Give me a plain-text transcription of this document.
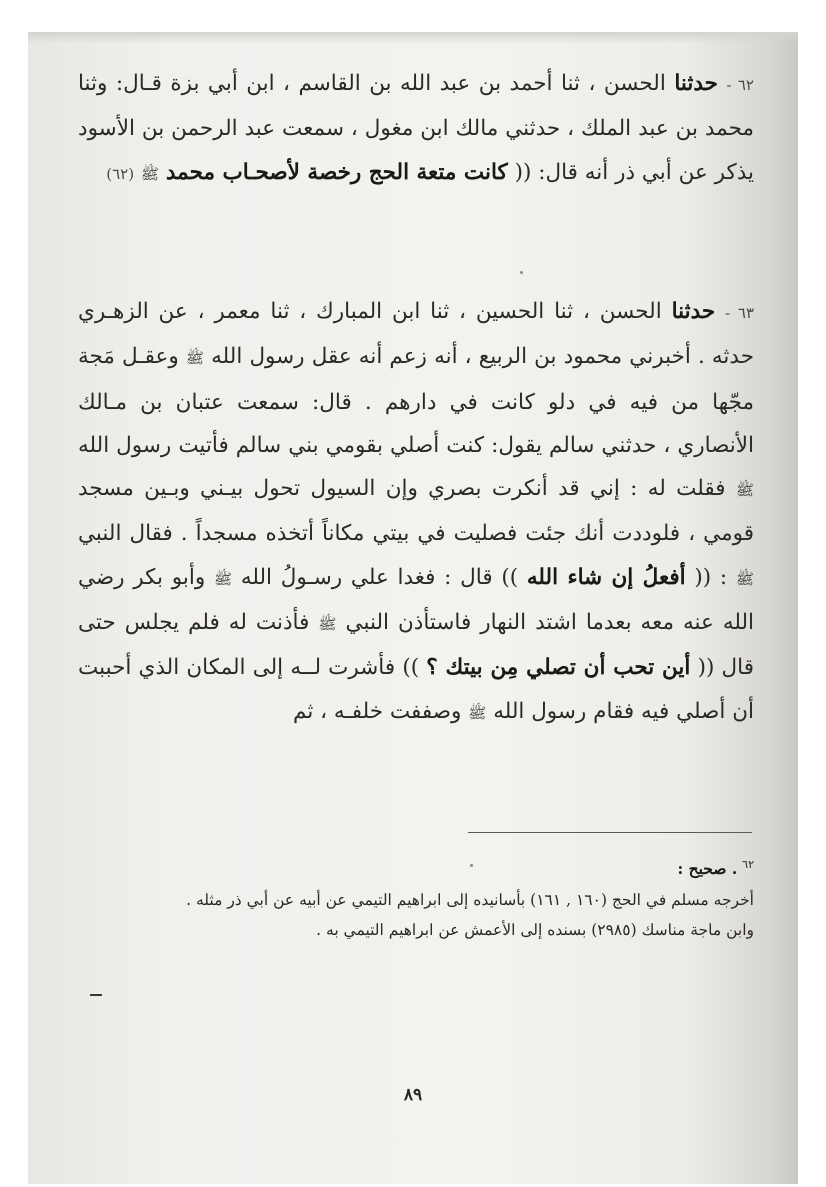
٦٢ - حدثنا الحسن ، ثنا أحمد بن عبد الله بن القاسم ، ابن أبي بزة قـال: وثنا محمد بن عبد الملك ، حدثني مالك ابن مغول ، سمعت عبد الرحمن بن الأسود يذكر عن أبي ذر أنه قال: (( كانت متعة الحج رخصة لأصحـاب محمد ﷺ (٦٢)
٦٣ - حدثنا الحسن ، ثنا الحسين ، ثنا ابن المبارك ، ثنا معمر ، عن الزهـري حدثه . أخبرني محمود بن الربيع ، أنه زعم أنه عقل رسول الله ﷺ وعقـل مَجة مجّها من فيه في دلو كانت في دارهم . قال: سمعت عتبان بن مـالك الأنصاري ، حدثني سالم يقول: كنت أصلي بقومي بني سالم فأتيت رسول الله ﷺ فقلت له : إني قد أنكرت بصري وإن السيول تحول بيـني وبـين مسجد قومي ، فلوددت أنك جئت فصليت في بيتي مكاناً أتخذه مسجداً . فقال النبي ﷺ : (( أفعلُ إن شاء الله )) قال : فغدا علي رسـولُ الله ﷺ وأبو بكر رضي الله عنه معه بعدما اشتد النهار فاستأذن النبي ﷺ فأذنت له فلم يجلس حتى قال (( أين تحب أن تصلي مِن بيتك ؟ )) فأشرت لــه إلى المكان الذي أحببت أن أصلي فيه فقام رسول الله ﷺ وصففت خلفـه ، ثم
$^{٦٢}$ . صحيح :
أخرجه مسلم في الحج (١٦٠ , ١٦١) بأسانيده إلى ابراهيم التيمي عن أبيه عن أبي ذر مثله .
وابن ماجة مناسك (٢٩٨٥) بسنده إلى الأعمش عن ابراهيم التيمي به .
٨٩
